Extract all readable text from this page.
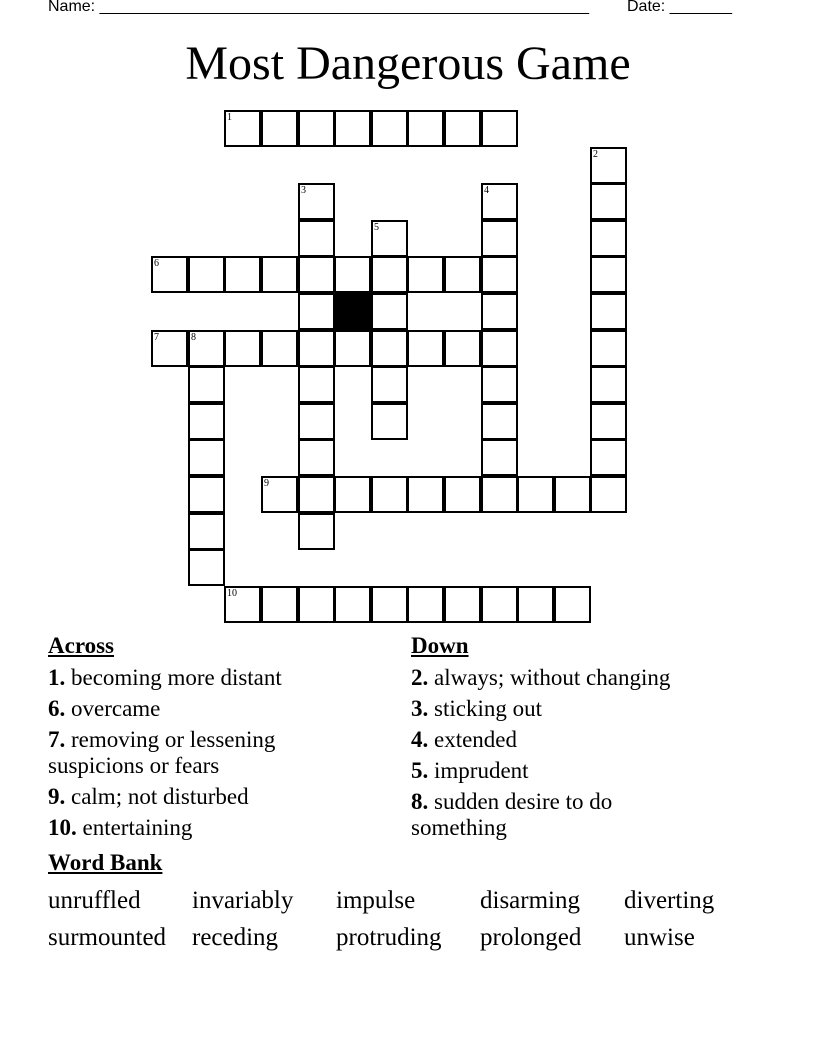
Name: _______________________________________________________ Date: _______
Most Dangerous Game
1
2
3	4
5
6
7	8
9
10
Across
1. becoming more distant
6. overcame
7. removing or lessening suspicions or fears
9. calm; not disturbed
10. entertaining
Down
2. always; without changing
3. sticking out
4. extended
5. imprudent
8. sudden desire to do something
Word Bank
unruffled invariably impulse	disarming diverting
surmounted receding protruding prolonged unwise
